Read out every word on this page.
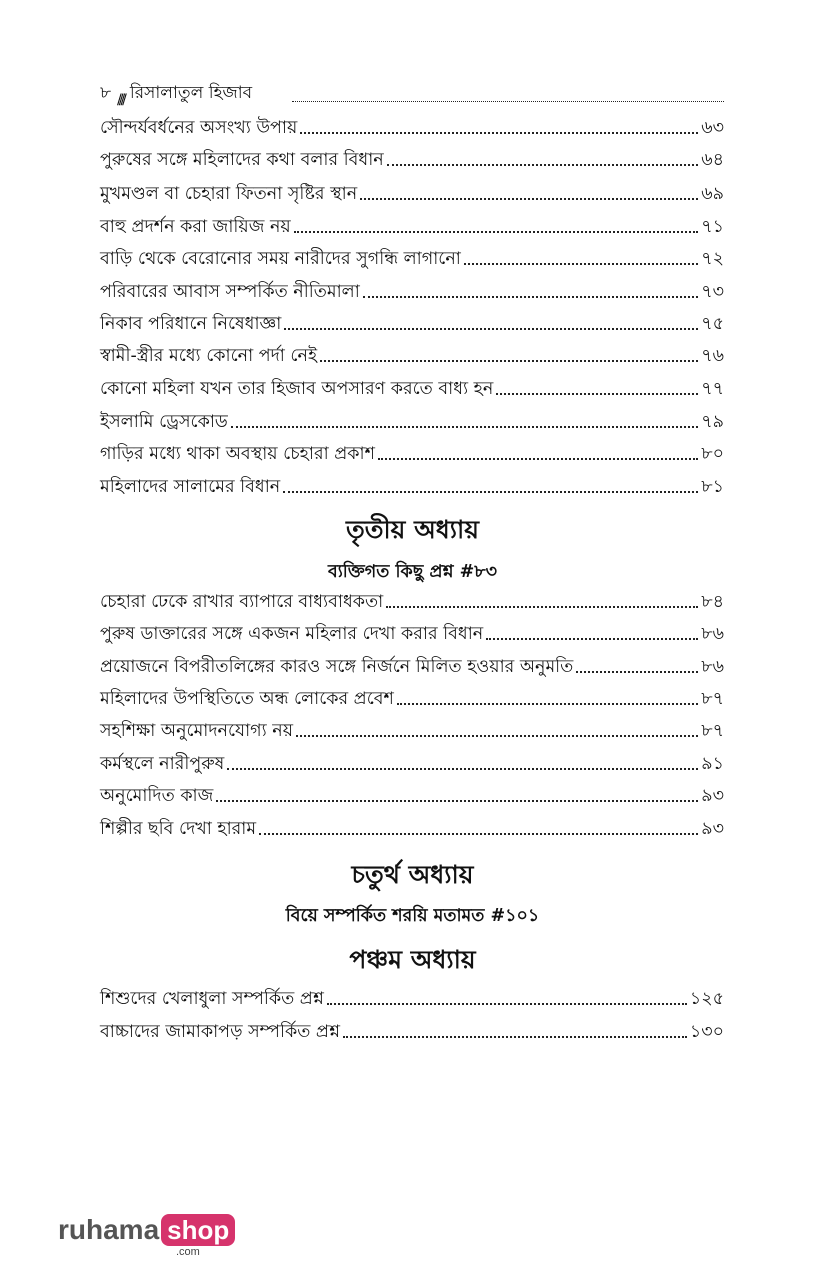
৮ //// রিসালাতুল হিজাব
সৌন্দর্যবর্ধনের অসংখ্য উপায়	৬৩
পুরুষের সঙ্গে মহিলাদের কথা বলার বিধান	৬৪
মুখমণ্ডল বা চেহারা ফিতনা সৃষ্টির স্থান	৬৯
বাহু প্রদর্শন করা জায়িজ নয়	৭১
বাড়ি থেকে বেরোনোর সময় নারীদের সুগন্ধি লাগানো	৭২
পরিবারের আবাস সম্পর্কিত নীতিমালা	৭৩
নিকাব পরিধানে নিষেধাজ্ঞা	৭৫
স্বামী-স্ত্রীর মধ্যে কোনো পর্দা নেই	৭৬
কোনো মহিলা যখন তার হিজাব অপসারণ করতে বাধ্য হন	৭৭
ইসলামি ড্রেসকোড	৭৯
গাড়ির মধ্যে থাকা অবস্থায় চেহারা প্রকাশ	৮০
মহিলাদের সালামের বিধান	৮১
তৃতীয় অধ্যায়
ব্যক্তিগত কিছু প্রশ্ন #৮৩
চেহারা ঢেকে রাখার ব্যাপারে বাধ্যবাধকতা	৮৪
পুরুষ ডাক্তারের সঙ্গে একজন মহিলার দেখা করার বিধান	৮৬
প্রয়োজনে বিপরীতলিঙ্গের কারও সঙ্গে নির্জনে মিলিত হওয়ার অনুমতি	৮৬
মহিলাদের উপস্থিতিতে অন্ধ লোকের প্রবেশ	৮৭
সহশিক্ষা অনুমোদনযোগ্য নয়	৮৭
কর্মস্থলে নারীপুরুষ	৯১
অনুমোদিত কাজ	৯৩
শিল্পীর ছবি দেখা হারাম	৯৩
চতুর্থ অধ্যায়
বিয়ে সম্পর্কিত শরয়ি মতামত #১০১
পঞ্চম অধ্যায়
শিশুদের খেলাধুলা সম্পর্কিত প্রশ্ন	১২৫
বাচ্চাদের জামাকাপড় সম্পর্কিত প্রশ্ন	১৩০
ruhama shop
.com
